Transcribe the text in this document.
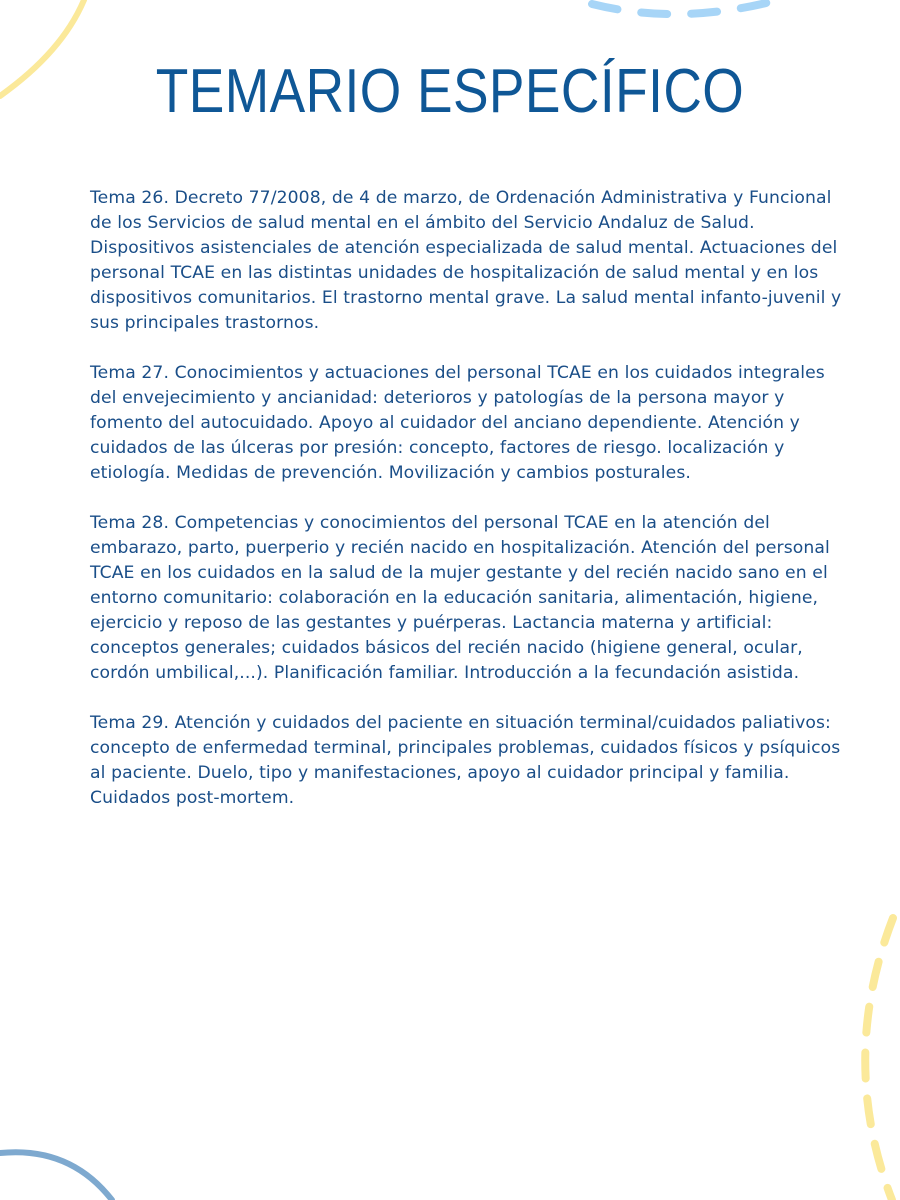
TEMARIO ESPECÍFICO

Tema 26. Decreto 77/2008, de 4 de marzo, de Ordenación Administrativa y Funcional de los Servicios de salud mental en el ámbito del Servicio Andaluz de Salud. Dispositivos asistenciales de atención especializada de salud mental. Actuaciones del personal TCAE en las distintas unidades de hospitalización de salud mental y en los dispositivos comunitarios. El trastorno mental grave. La salud mental infanto-juvenil y sus principales trastornos.

Tema 27. Conocimientos y actuaciones del personal TCAE en los cuidados integrales del envejecimiento y ancianidad: deterioros y patologías de la persona mayor y fomento del autocuidado. Apoyo al cuidador del anciano dependiente. Atención y cuidados de las úlceras por presión: concepto, factores de riesgo. localización y etiología. Medidas de prevención. Movilización y cambios posturales.

Tema 28. Competencias y conocimientos del personal TCAE en la atención del embarazo, parto, puerperio y recién nacido en hospitalización. Atención del personal TCAE en los cuidados en la salud de la mujer gestante y del recién nacido sano en el entorno comunitario: colaboración en la educación sanitaria, alimentación, higiene, ejercicio y reposo de las gestantes y puérperas. Lactancia materna y artificial: conceptos generales; cuidados básicos del recién nacido (higiene general, ocular, cordón umbilical,...). Planificación familiar. Introducción a la fecundación asistida.

Tema 29. Atención y cuidados del paciente en situación terminal/cuidados paliativos: concepto de enfermedad terminal, principales problemas, cuidados físicos y psíquicos al paciente. Duelo, tipo y manifestaciones, apoyo al cuidador principal y familia. Cuidados post-mortem.
